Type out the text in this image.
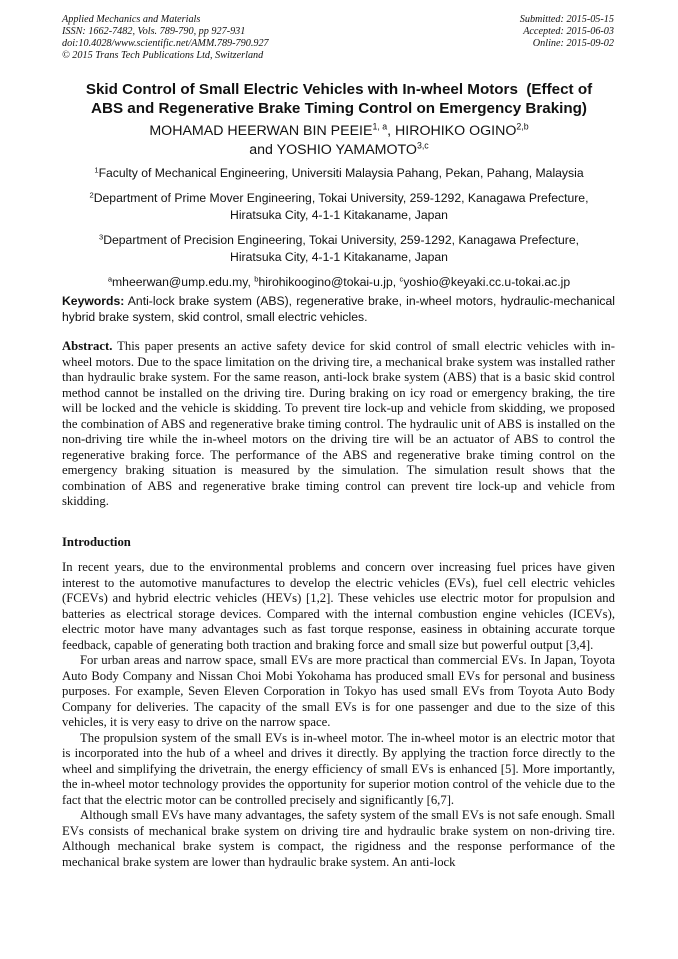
Applied Mechanics and Materials
ISSN: 1662-7482, Vols. 789-790, pp 927-931
doi:10.4028/www.scientific.net/AMM.789-790.927
© 2015 Trans Tech Publications Ltd, Switzerland
Submitted: 2015-05-15
Accepted: 2015-06-03
Online: 2015-09-02
Skid Control of Small Electric Vehicles with In-wheel Motors  (Effect of
ABS and Regenerative Brake Timing Control on Emergency Braking)
MOHAMAD HEERWAN BIN PEEIE$^{1, a}$, HIROHIKO OGINO$^{2,b}$
and YOSHIO YAMAMOTO$^{3,c}$
$^1$Faculty of Mechanical Engineering, Universiti Malaysia Pahang, Pekan, Pahang, Malaysia
$^2$Department of Prime Mover Engineering, Tokai University, 259-1292, Kanagawa Prefecture,
Hiratsuka City, 4-1-1 Kitakaname, Japan
$^3$Department of Precision Engineering, Tokai University, 259-1292, Kanagawa Prefecture,
Hiratsuka City, 4-1-1 Kitakaname, Japan
$^a$mheerwan@ump.edu.my, $^b$hirohikoogino@tokai-u.jp, $^c$yoshio@keyaki.cc.u-tokai.ac.jp
Keywords: Anti-lock brake system (ABS), regenerative brake, in-wheel motors, hydraulic-mechanical hybrid brake system, skid control, small electric vehicles.
Abstract. This paper presents an active safety device for skid control of small electric vehicles with in-wheel motors. Due to the space limitation on the driving tire, a mechanical brake system was installed rather than hydraulic brake system. For the same reason, anti-lock brake system (ABS) that is a basic skid control method cannot be installed on the driving tire. During braking on icy road or emergency braking, the tire will be locked and the vehicle is skidding. To prevent tire lock-up and vehicle from skidding, we proposed the combination of ABS and regenerative brake timing control. The hydraulic unit of ABS is installed on the non-driving tire while the in-wheel motors on the driving tire will be an actuator of ABS to control the regenerative braking force. The performance of the ABS and regenerative brake timing control on the emergency braking situation is measured by the simulation. The simulation result shows that the combination of ABS and regenerative brake timing control can prevent tire lock-up and vehicle from skidding.
Introduction

In recent years, due to the environmental problems and concern over increasing fuel prices have given interest to the automotive manufactures to develop the electric vehicles (EVs), fuel cell electric vehicles (FCEVs) and hybrid electric vehicles (HEVs) [1,2]. These vehicles use electric motor for propulsion and batteries as electrical storage devices. Compared with the internal combustion engine vehicles (ICEVs), electric motor have many advantages such as fast torque response, easiness in obtaining accurate torque feedback, capable of generating both traction and braking force and small size but powerful output [3,4].

For urban areas and narrow space, small EVs are more practical than commercial EVs. In Japan, Toyota Auto Body Company and Nissan Choi Mobi Yokohama has produced small EVs for personal and business purposes. For example, Seven Eleven Corporation in Tokyo has used small EVs from Toyota Auto Body Company for deliveries. The capacity of the small EVs is for one passenger and due to the size of this vehicles, it is very easy to drive on the narrow space.

The propulsion system of the small EVs is in-wheel motor. The in-wheel motor is an electric motor that is incorporated into the hub of a wheel and drives it directly. By applying the traction force directly to the wheel and simplifying the drivetrain, the energy efficiency of small EVs is enhanced [5]. More importantly, the in-wheel motor technology provides the opportunity for superior motion control of the vehicle due to the fact that the electric motor can be controlled precisely and significantly [6,7].

Although small EVs have many advantages, the safety system of the small EVs is not safe enough. Small EVs consists of mechanical brake system on driving tire and hydraulic brake system on non-driving tire. Although mechanical brake system is compact, the rigidness and the response performance of the mechanical brake system are lower than hydraulic brake system. An anti-lock
